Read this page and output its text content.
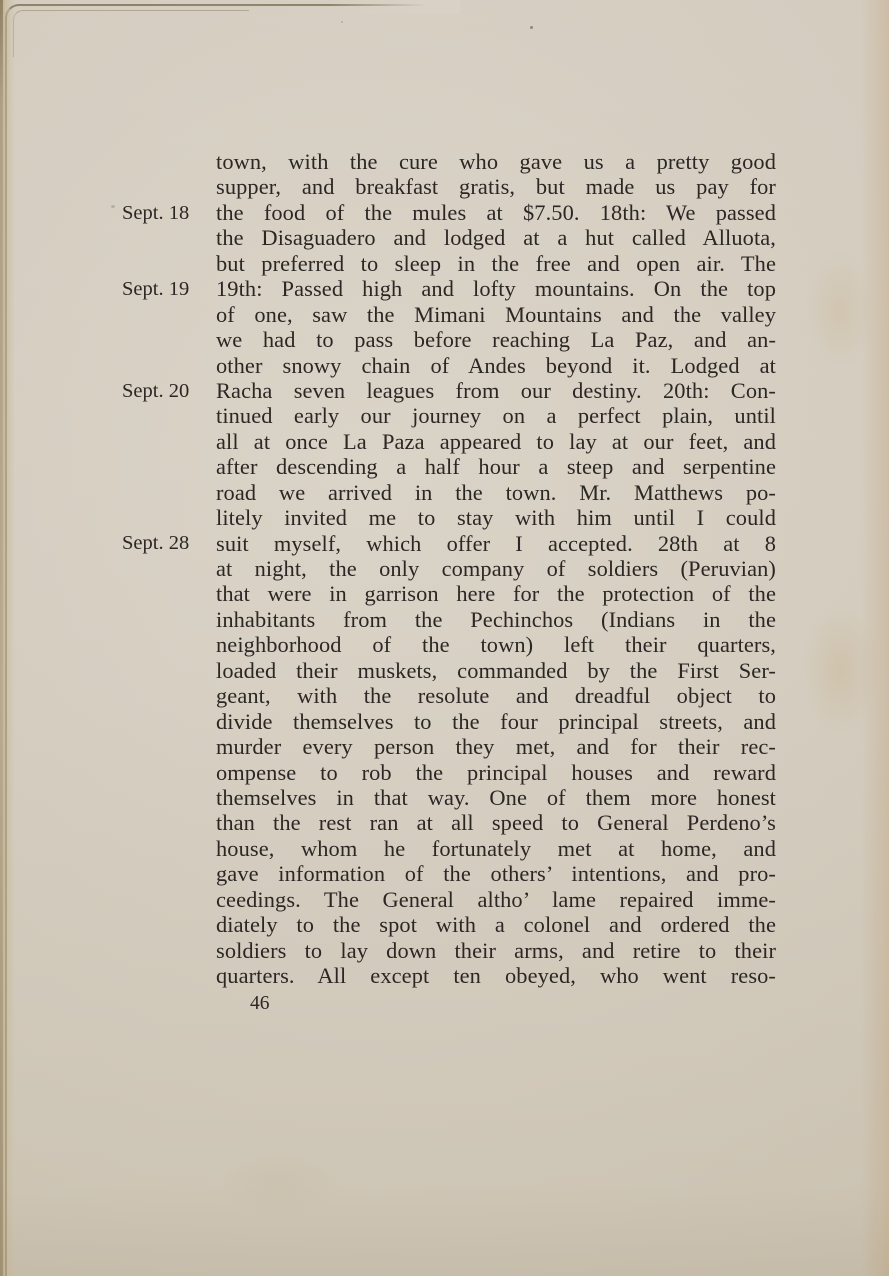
Sept. 18
Sept. 19
Sept. 20
Sept. 28
town, with the cure who gave us a pretty good
supper, and breakfast gratis, but made us pay for
the food of the mules at $7.50. 18th: We passed
the Disaguadero and lodged at a hut called Alluota,
but preferred to sleep in the free and open air. The
19th: Passed high and lofty mountains. On the top
of one, saw the Mimani Mountains and the valley
we had to pass before reaching La Paz, and an-
other snowy chain of Andes beyond it. Lodged at
Racha seven leagues from our destiny. 20th: Con-
tinued early our journey on a perfect plain, until
all at once La Paza appeared to lay at our feet, and
after descending a half hour a steep and serpentine
road we arrived in the town. Mr. Matthews po-
litely invited me to stay with him until I could
suit myself, which offer I accepted. 28th at 8
at night, the only company of soldiers (Peruvian)
that were in garrison here for the protection of the
inhabitants from the Pechinchos (Indians in the
neighborhood of the town) left their quarters,
loaded their muskets, commanded by the First Ser-
geant, with the resolute and dreadful object to
divide themselves to the four principal streets, and
murder every person they met, and for their rec-
ompense to rob the principal houses and reward
themselves in that way. One of them more honest
than the rest ran at all speed to General Perdeno’s
house, whom he fortunately met at home, and
gave information of the others’ intentions, and pro-
ceedings. The General altho’ lame repaired imme-
diately to the spot with a colonel and ordered the
soldiers to lay down their arms, and retire to their
quarters. All except ten obeyed, who went reso-
46
